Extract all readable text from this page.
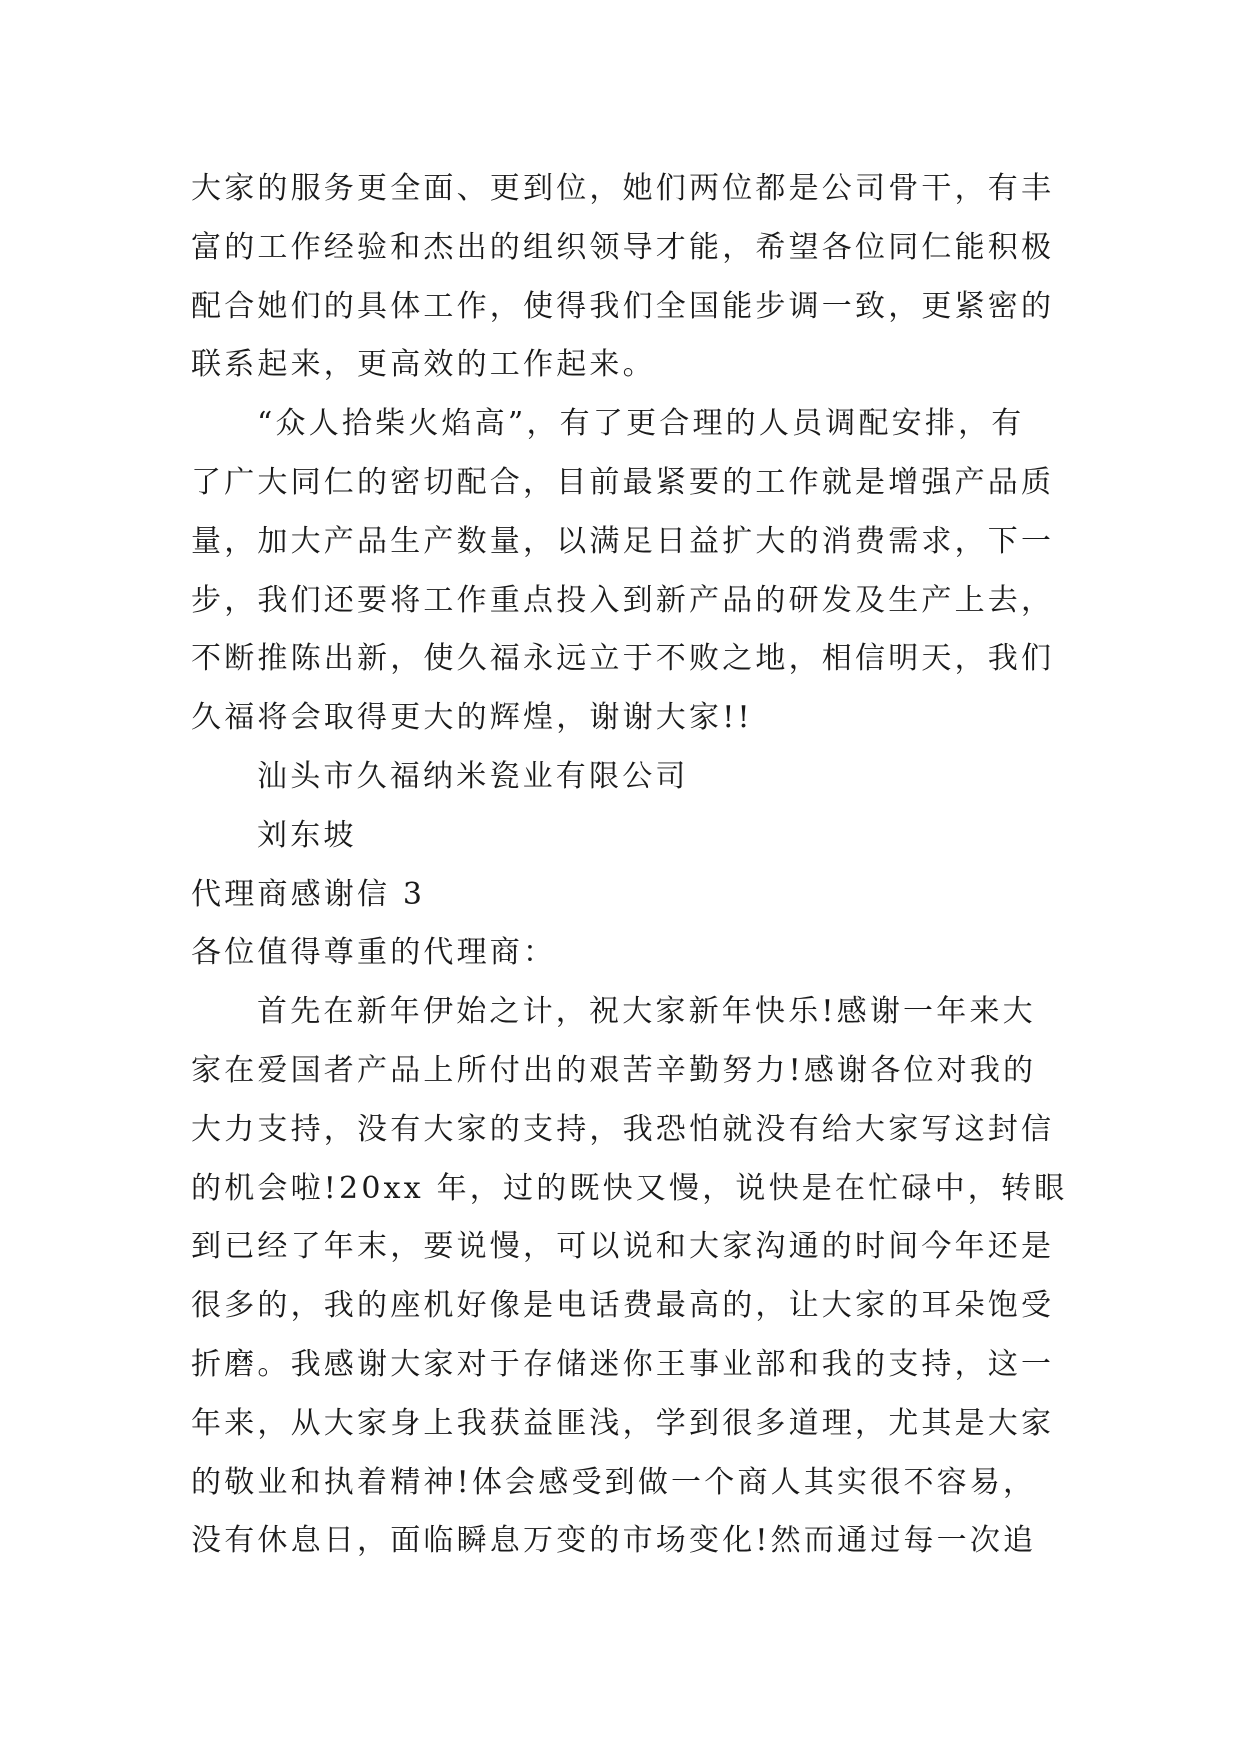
大家的服务更全面、更到位，她们两位都是公司骨干，有丰
富的工作经验和杰出的组织领导才能，希望各位同仁能积极
配合她们的具体工作，使得我们全国能步调一致，更紧密的
联系起来，更高效的工作起来。
“众人拾柴火焰高”，有了更合理的人员调配安排，有
了广大同仁的密切配合，目前最紧要的工作就是增强产品质
量，加大产品生产数量，以满足日益扩大的消费需求，下一
步，我们还要将工作重点投入到新产品的研发及生产上去，
不断推陈出新，使久福永远立于不败之地，相信明天，我们
久福将会取得更大的辉煌，谢谢大家!!
汕头市久福纳米瓷业有限公司
刘东坡
代理商感谢信 3
各位值得尊重的代理商：
首先在新年伊始之计，祝大家新年快乐!感谢一年来大
家在爱国者产品上所付出的艰苦辛勤努力!感谢各位对我的
大力支持，没有大家的支持，我恐怕就没有给大家写这封信
的机会啦!20xx 年，过的既快又慢，说快是在忙碌中，转眼
到已经了年末，要说慢，可以说和大家沟通的时间今年还是
很多的，我的座机好像是电话费最高的，让大家的耳朵饱受
折磨。我感谢大家对于存储迷你王事业部和我的支持，这一
年来，从大家身上我获益匪浅，学到很多道理，尤其是大家
的敬业和执着精神!体会感受到做一个商人其实很不容易，
没有休息日，面临瞬息万变的市场变化!然而通过每一次追
